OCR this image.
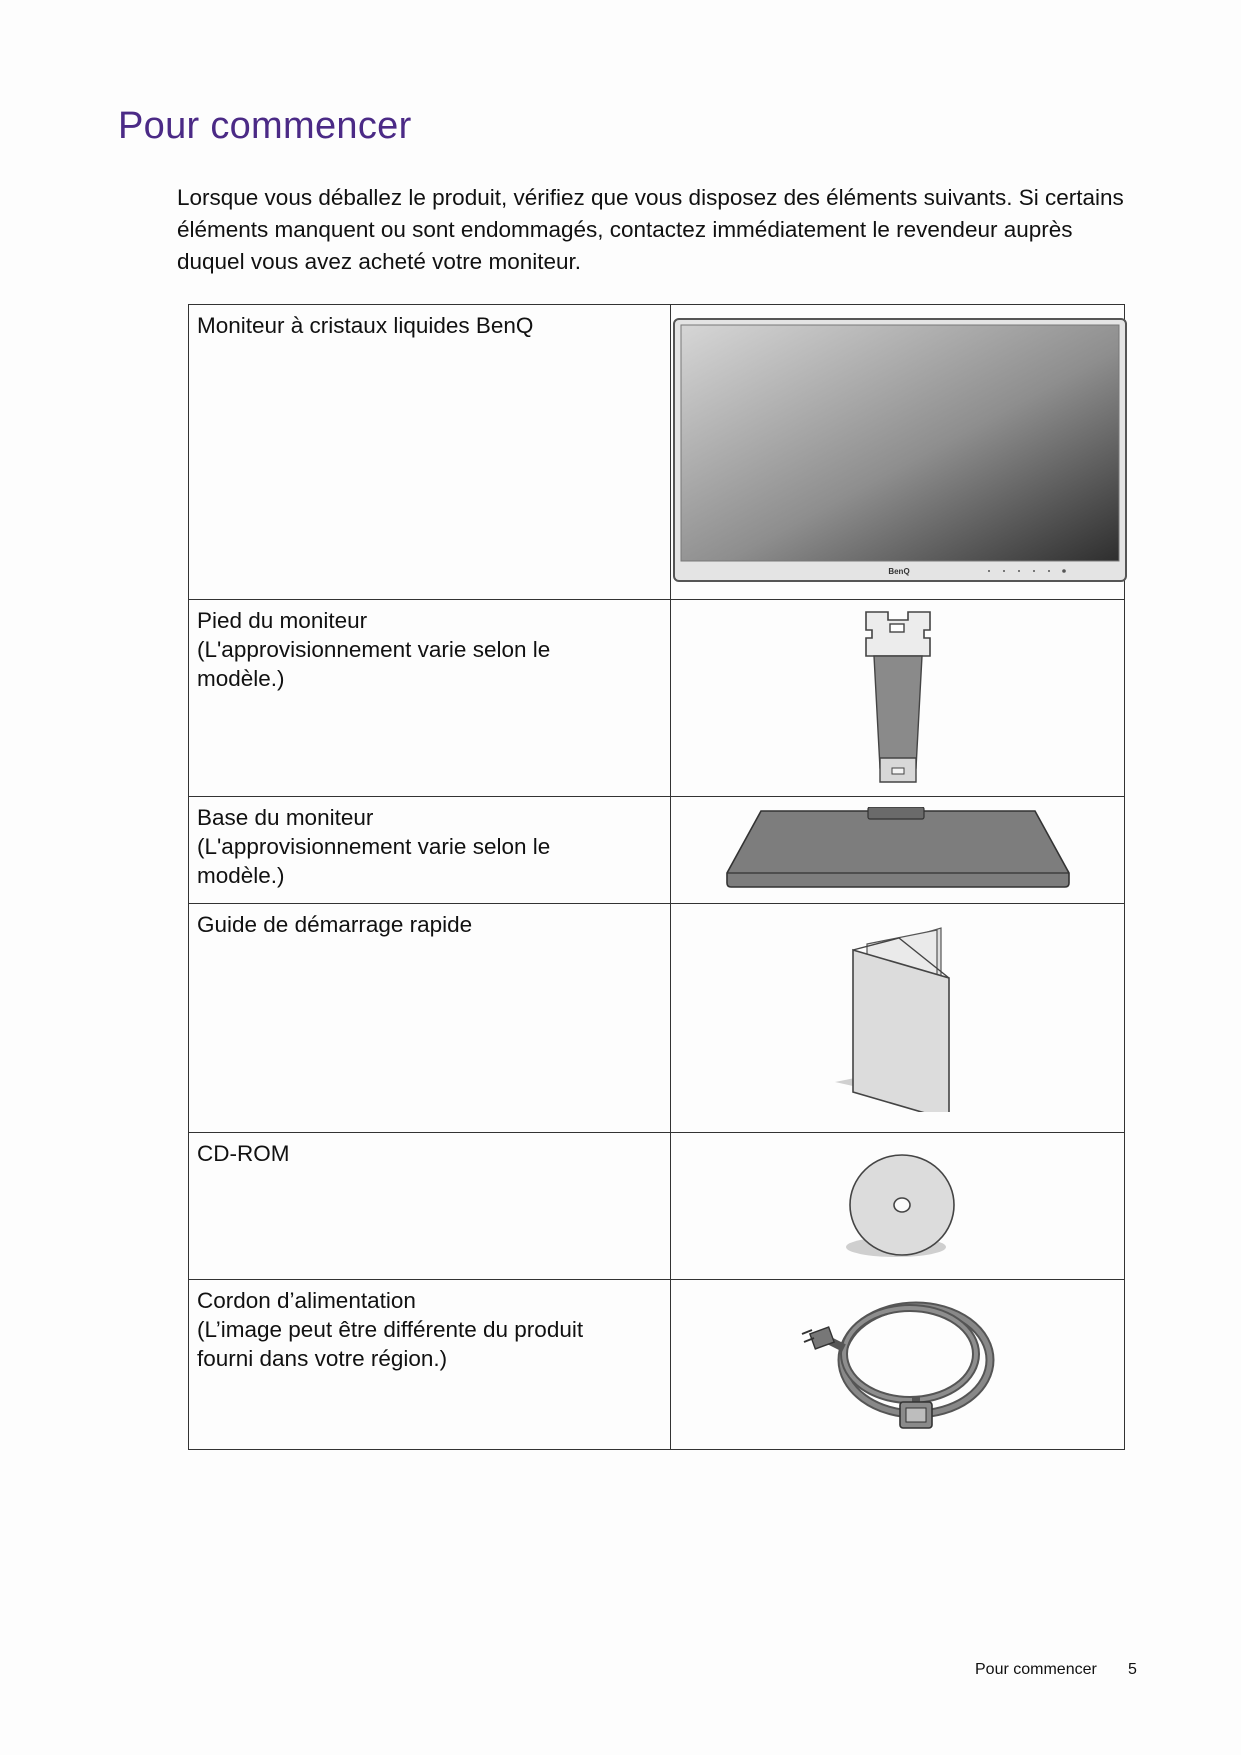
Pour commencer

Lorsque vous déballez le produit, vérifiez que vous disposez des éléments suivants. Si certains éléments manquent ou sont endommagés, contactez immédiatement le revendeur auprès duquel vous avez acheté votre moniteur.

Moniteur à cristaux liquides BenQ	BenQ

Pied du moniteur
(L'approvisionnement varie selon le
modèle.)

Base du moniteur
(L'approvisionnement varie selon le
modèle.)

Guide de démarrage rapide

CD-ROM

Cordon d’alimentation
(L’image peut être différente du produit
fourni dans votre région.)

Pour commencer 5
